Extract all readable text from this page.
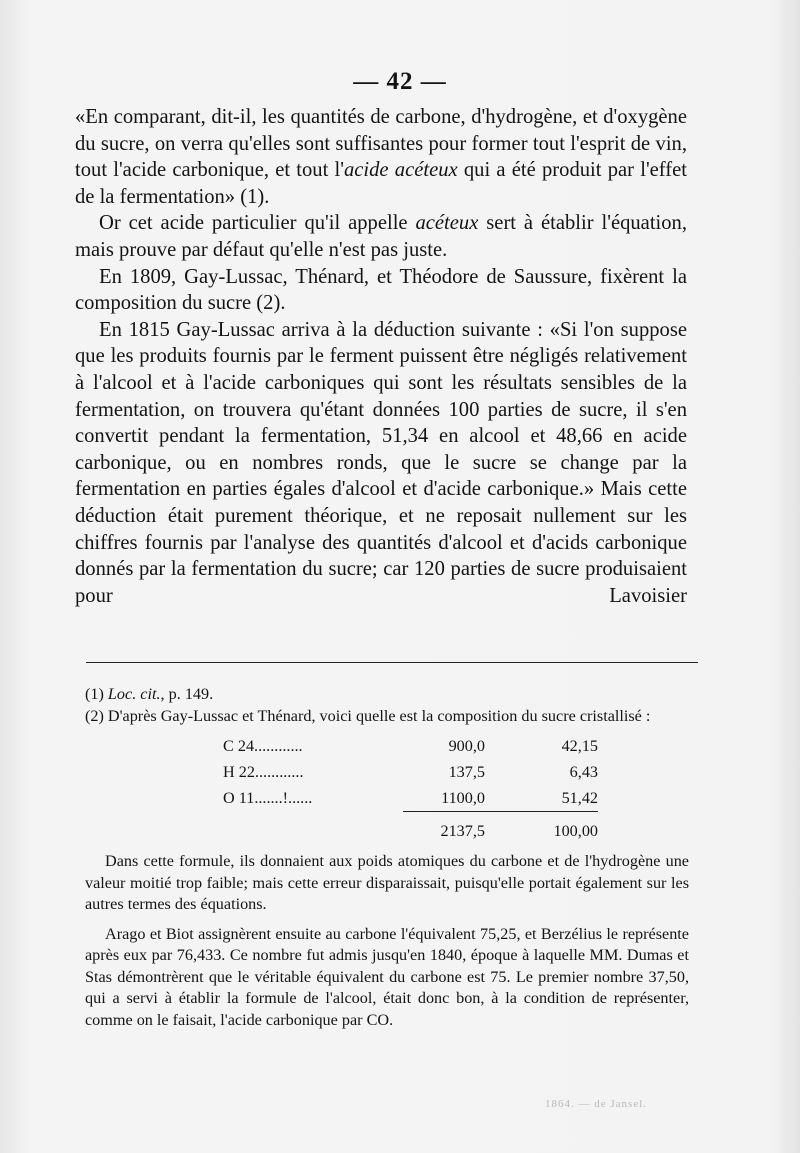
— 42 —

«En comparant, dit-il, les quantités de carbone, d'hydrogène, et d'oxygène du sucre, on verra qu'elles sont suffisantes pour former tout l'esprit de vin, tout l'acide carbonique, et tout l'acide acéteux qui a été produit par l'effet de la fermentation» (1).

Or cet acide particulier qu'il appelle acéteux sert à établir l'équation, mais prouve par défaut qu'elle n'est pas juste.

En 1809, Gay-Lussac, Thénard, et Théodore de Saussure, fixèrent la composition du sucre (2).

En 1815 Gay-Lussac arriva à la déduction suivante : «Si l'on suppose que les produits fournis par le ferment puissent être négligés relativement à l'alcool et à l'acide carboniques qui sont les résultats sensibles de la fermentation, on trouvera qu'étant données 100 parties de sucre, il s'en convertit pendant la fermentation, 51,34 en alcool et 48,66 en acide carbonique, ou en nombres ronds, que le sucre se change par la fermentation en parties égales d'alcool et d'acide carbonique.» Mais cette déduction était purement théorique, et ne reposait nullement sur les chiffres fournis par l'analyse des quantités d'alcool et d'acids carbonique donnés par la fermentation du sucre; car 120 parties de sucre produisaient pour Lavoisier

(1) Loc. cit., p. 149.

(2) D'après Gay-Lussac et Thénard, voici quelle est la composition du sucre cristallisé :

C 24............	900,0	42,15
H 22............	137,5	6,43
O 11.......!......	1100,0	51,42
	2137,5	100,00

Dans cette formule, ils donnaient aux poids atomiques du carbone et de l'hydrogène une valeur moitié trop faible; mais cette erreur disparaissait, puisqu'elle portait également sur les autres termes des équations.

Arago et Biot assignèrent ensuite au carbone l'équivalent 75,25, et Berzélius le représente après eux par 76,433. Ce nombre fut admis jusqu'en 1840, époque à laquelle MM. Dumas et Stas démontrèrent que le véritable équivalent du carbone est 75. Le premier nombre 37,50, qui a servi à établir la formule de l'alcool, était donc bon, à la condition de représenter, comme on le faisait, l'acide carbonique par CO.

1864. — de Jansel.
